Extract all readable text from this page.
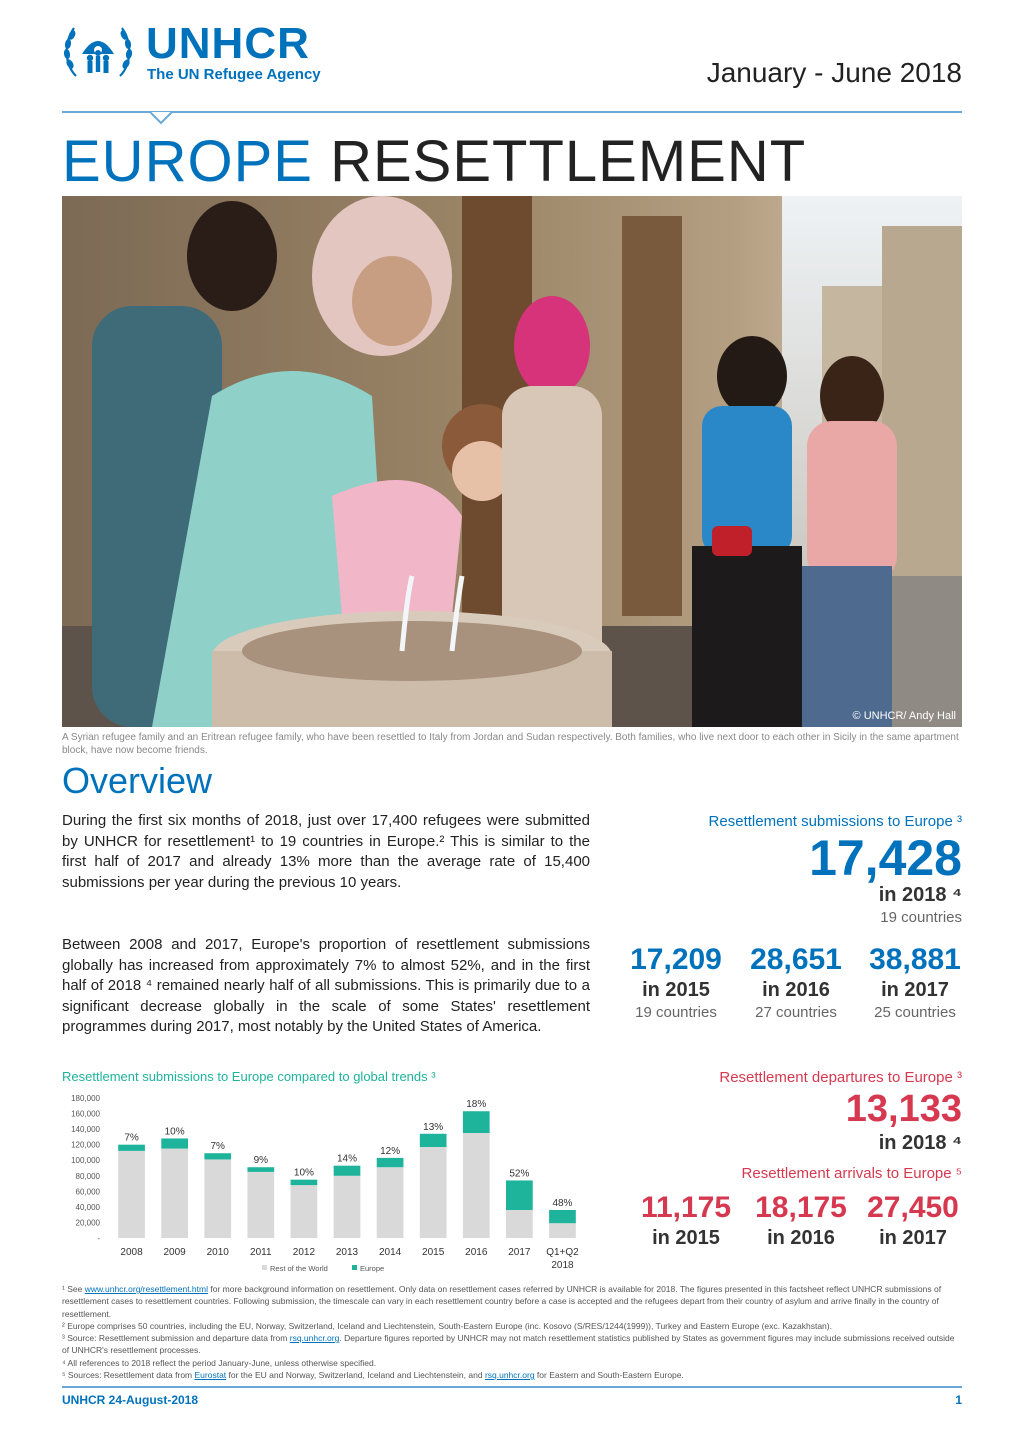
UNHCR
The UN Refugee Agency	January - June 2018
EUROPE RESETTLEMENT
© UNHCR/ Andy Hall
A Syrian refugee family and an Eritrean refugee family, who have been resettled to Italy from Jordan and Sudan respectively. Both families, who live next door to each other in Sicily in the same apartment block, have now become friends.
Overview
During the first six months of 2018, just over 17,400 refugees were submitted by UNHCR for resettlement¹ to 19 countries in Europe.² This is similar to the first half of 2017 and already 13% more than the average rate of 15,400 submissions per year during the previous 10 years.
Between 2008 and 2017, Europe's proportion of resettlement submissions globally has increased from approximately 7% to almost 52%, and in the first half of 2018 ⁴ remained nearly half of all submissions. This is primarily due to a significant decrease globally in the scale of some States' resettlement programmes during 2017, most notably by the United States of America.
Resettlement submissions to Europe ³
17,428
in 2018 ⁴
19 countries
17,209
in 2015
19 countries
28,651
in 2016
27 countries
38,881
in 2017
25 countries
Resettlement departures to Europe ³
13,133
in 2018 ⁴
Resettlement arrivals to Europe ⁵
11,175
in 2015
18,175
in 2016
27,450
in 2017
Resettlement submissions to Europe compared to global trends ³
180,000
160,000
140,000
120,000
100,000
80,000
60,000
40,000
20,000
-
7%
2008
10%
2009
7%
2010
9%
2011
10%
2012
14%
2013
12%
2014
13%
2015
18%
2016
52%
2017
48%
Q1+Q2
2018
Rest of the World	Europe
¹ See www.unhcr.org/resettlement.html for more background information on resettlement. Only data on resettlement cases referred by UNHCR is available for 2018. The figures presented in this factsheet reflect UNHCR submissions of resettlement cases to resettlement countries. Following submission, the timescale can vary in each resettlement country before a case is accepted and the refugees depart from their country of asylum and arrive finally in the country of resettlement.
² Europe comprises 50 countries, including the EU, Norway, Switzerland, Iceland and Liechtenstein, South-Eastern Europe (inc. Kosovo (S/RES/1244(1999)), Turkey and Eastern Europe (exc. Kazakhstan).
³ Source: Resettlement submission and departure data from rsq.unhcr.org. Departure figures reported by UNHCR may not match resettlement statistics published by States as government figures may include submissions received outside of UNHCR's resettlement processes.
⁴ All references to 2018 reflect the period January-June, unless otherwise specified.
⁵ Sources: Resettlement data from Eurostat for the EU and Norway, Switzerland, Iceland and Liechtenstein, and rsq.unhcr.org for Eastern and South-Eastern Europe.
UNHCR 24-August-2018	1
